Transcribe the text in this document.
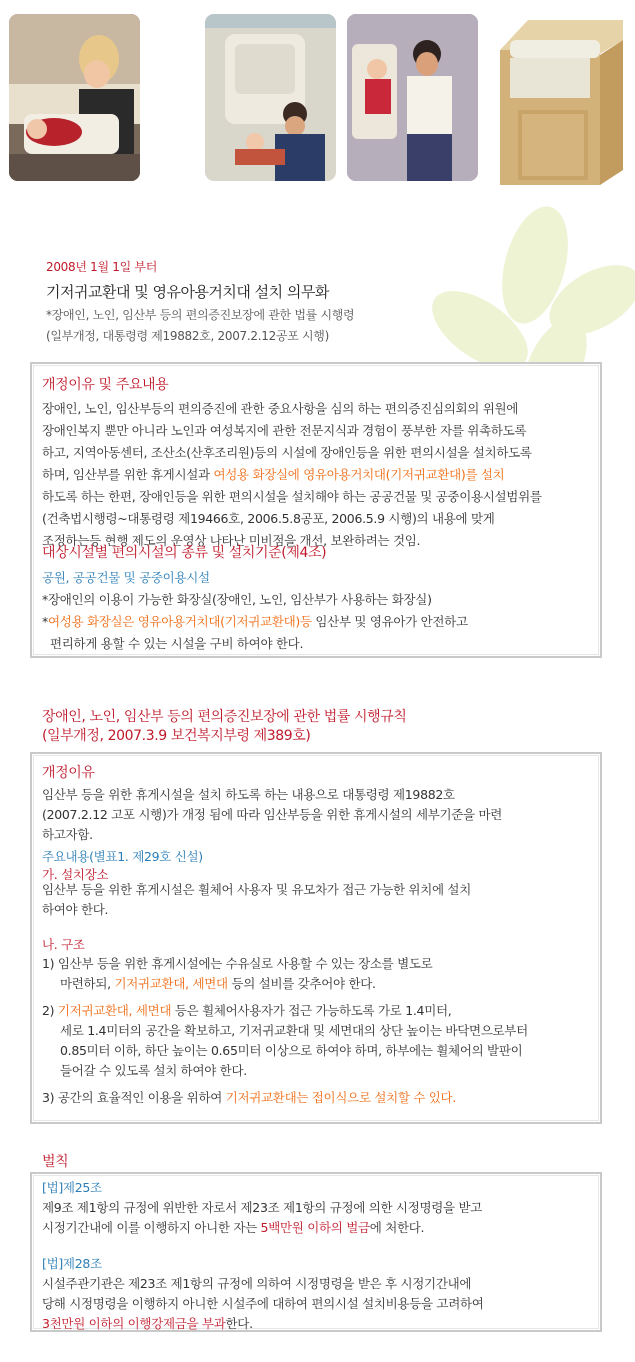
2008년 1월 1일 부터
기저귀교환대 및 영유아용거치대 설치 의무화
*장애인, 노인, 임산부 등의 편의증진보장에 관한 법률 시행령
(일부개정, 대통령령 제19882호, 2007.2.12공포 시행)
개정이유 및 주요내용
장애인, 노인, 임산부등의 편의증진에 관한 중요사항을 심의 하는 편의증진심의회의 위원에
장애인복지 뿐만 아니라 노인과 여성복지에 관한 전문지식과 경험이 풍부한 자를 위촉하도록
하고, 지역아동센터, 조산소(산후조리원)등의 시설에 장애인등을 위한 편의시설을 설치하도록
하며, 임산부를 위한 휴게시설과 여성용 화장실에 영유아용거치대(기저귀교환대)를 설치
하도록 하는 한편, 장애인등을 위한 편의시설을 설치해야 하는 공공건물 및 공중이용시설범위를
(건축법시행령~대통령령 제19466호, 2006.5.8공포, 2006.5.9 시행)의 내용에 맞게
조정하는등 현행 제도의 운영상 나타난 미비점을 개선, 보완하려는 것임.
대상시설별 편의시설의 종류 및 설치기준(제4조)
공원, 공공건물 및 공중이용시설
*장애인의 이용이 가능한 화장실(장애인, 노인, 임산부가 사용하는 화장실)
*여성용 화장실은 영유아용거치대(기저귀교환대)등 임산부 및 영유아가 안전하고
편리하게 용할 수 있는 시설을 구비 하여야 한다.
장애인, 노인, 임산부 등의 편의증진보장에 관한 법률 시행규칙
(일부개정, 2007.3.9 보건복지부령 제389호)
개정이유
임산부 등을 위한 휴게시설을 설치 하도록 하는 내용으로 대통령령 제19882호
(2007.2.12 고포 시행)가 개정 됨에 따라 임산부등을 위한 휴게시설의 세부기준을 마련
하고자함.
주요내용(별표1. 제29호 신설)
가. 설치장소
임산부 등을 위한 휴게시설은 휠체어 사용자 및 유모차가 접근 가능한 위치에 설치
하여야 한다.
나. 구조
1) 임산부 등을 위한 휴게시설에는 수유실로 사용할 수 있는 장소를 별도로
마련하되, 기저귀교환대, 세면대 등의 설비를 갖추어야 한다.
2) 기저귀교환대, 세면대 등은 휠체어사용자가 접근 가능하도록 가로 1.4미터,
세로 1.4미터의 공간을 확보하고, 기저귀교환대 및 세면대의 상단 높이는 바닥면으로부터
0.85미터 이하, 하단 높이는 0.65미터 이상으로 하여야 하며, 하부에는 휠체어의 발판이
들어갈 수 있도록 설치 하여야 한다.
3) 공간의 효율적인 이용을 위하여 기저귀교환대는 접이식으로 설치할 수 있다.
벌칙
[법]제25조
제9조 제1항의 규정에 위반한 자로서 제23조 제1항의 규정에 의한 시정명령을 받고
시정기간내에 이를 이행하지 아니한 자는 5백만원 이하의 벌금에 처한다.
[법]제28조
시설주관기관은 제23조 제1항의 규정에 의하여 시정명령을 받은 후 시정기간내에
당해 시정명령을 이행하지 아니한 시설주에 대하여 편의시설 설치비용등을 고려하여
3천만원 이하의 이행강제금을 부과한다.
